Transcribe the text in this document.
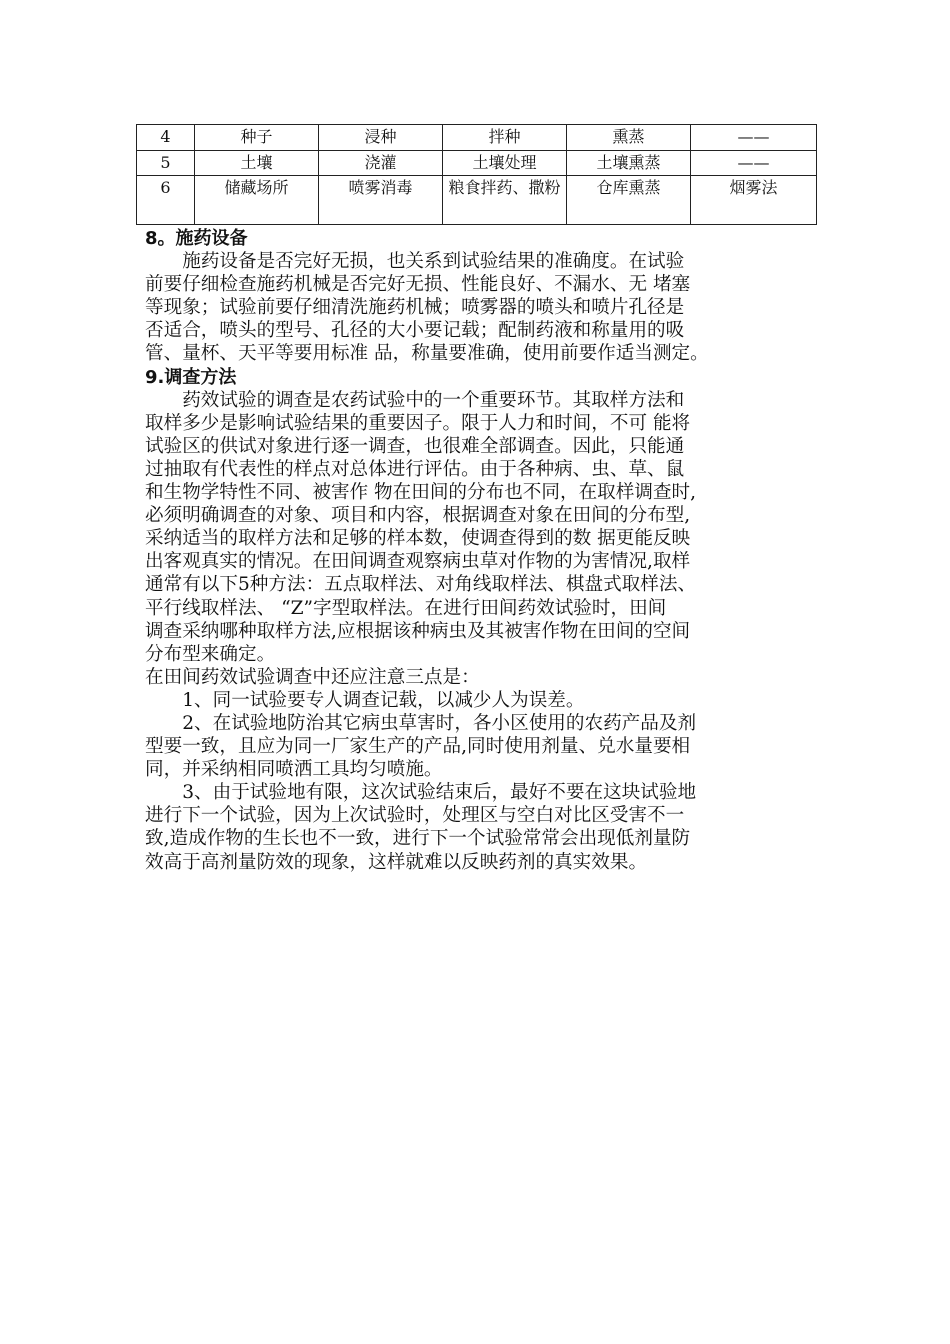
4	种子	浸种	拌种	熏蒸	——
5	土壤	浇灌	土壤处理	土壤熏蒸	——
6	储藏场所	喷雾消毒	粮食拌药、撒粉	仓库熏蒸	烟雾法
8。施药设备

施药设备是否完好无损，也关系到试验结果的准确度。在试验
前要仔细检查施药机械是否完好无损、性能良好、不漏水、无 堵塞
等现象；试验前要仔细清洗施药机械；喷雾器的喷头和喷片孔径是
否适合，喷头的型号、孔径的大小要记载；配制药液和称量用的吸
管、量杯、天平等要用标准 品，称量要准确，使用前要作适当测定。

9.调查方法

药效试验的调查是农药试验中的一个重要环节。其取样方法和
取样多少是影响试验结果的重要因子。限于人力和时间，不可 能将
试验区的供试对象进行逐一调查，也很难全部调查。因此，只能通
过抽取有代表性的样点对总体进行评估。由于各种病、虫、草、鼠
和生物学特性不同、被害作 物在田间的分布也不同，在取样调查时,
必须明确调查的对象、项目和内容，根据调查对象在田间的分布型,
采纳适当的取样方法和足够的样本数，使调查得到的数 据更能反映
出客观真实的情况。在田间调查观察病虫草对作物的为害情况,取样
通常有以下5种方法：五点取样法、对角线取样法、棋盘式取样法、
平行线取样法、 “Z”字型取样法。在进行田间药效试验时，田间
调查采纳哪种取样方法,应根据该种病虫及其被害作物在田间的空间
分布型来确定。

在田间药效试验调查中还应注意三点是：

1、同一试验要专人调查记载，以减少人为误差。

2、在试验地防治其它病虫草害时，各小区使用的农药产品及剂
型要一致，且应为同一厂家生产的产品,同时使用剂量、兑水量要相
同，并采纳相同喷洒工具均匀喷施。

3、由于试验地有限，这次试验结束后，最好不要在这块试验地
进行下一个试验，因为上次试验时，处理区与空白对比区受害不一
致,造成作物的生长也不一致，进行下一个试验常常会出现低剂量防
效高于高剂量防效的现象，这样就难以反映药剂的真实效果。
